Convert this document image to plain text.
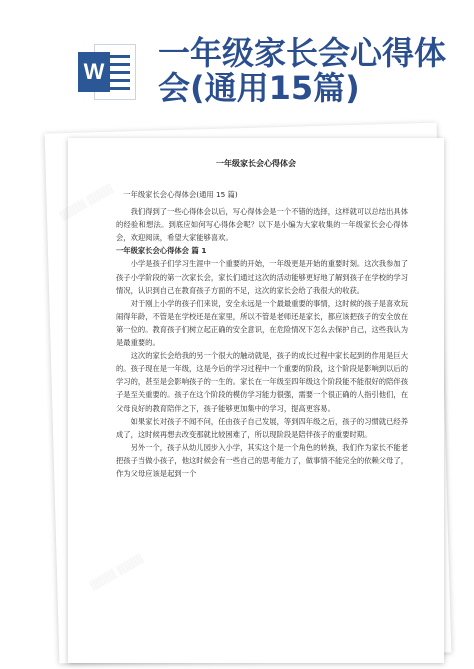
W 一年级家长会心得体会(通用15篇)
▒▒▒▒ ▒▒▒▒
▒▒▒▒ ▒▒▒▒
▒▒▒▒ ▒▒▒▒
一年级家长会心得体会

一年级家长会心得体会(通用 15 篇)

我们得到了一些心得体会以后，写心得体会是一个不错的选择，这样就可以总结出具体的经验和想法。到底应如何写心得体会呢？以下是小编为大家收集的一年级家长会心得体会，欢迎阅读，希望大家能够喜欢。

一年级家长会心得体会 篇 1

小学是孩子们学习生涯中一个重要的开始，一年级更是开始的重要时刻。这次我参加了孩子小学阶段的第一次家长会，家长们通过这次的活动能够更好地了解到孩子在学校的学习情况，认识到自己在教育孩子方面的不足，这次的家长会给了我很大的收获。

对于刚上小学的孩子们来说，安全永远是一个最最重要的事情，这时候的孩子是喜欢玩闹得年龄，不管是在学校还是在家里，所以不管是老师还是家长，都应该把孩子的安全放在第一位的。教育孩子们树立起正确的安全意识，在危险情况下怎么去保护自己，这些我认为是最重要的。

这次的家长会给我的另一个很大的触动就是，孩子的成长过程中家长起到的作用是巨大的。孩子现在是一年级，这是今后的学习过程中一个重要的阶段，这个阶段是影响到以后的学习的，甚至是会影响孩子的一生的。家长在一年级至四年级这个阶段能不能很好的陪伴孩子是至关重要的。孩子在这个阶段的模仿学习能力很强，需要一个很正确的人指引他们，在父母良好的教育陪伴之下，孩子能够更加集中的学习，提高更容易。

如果家长对孩子不闻不问，任由孩子自己发展，等到四年级之后，孩子的习惯就已经养成了，这时候再想去改变那就比较困难了，所以现阶段是陪伴孩子的重要时期。

另外一个，孩子从幼儿园步入小学，其实这个是一个角色的转换，我们作为家长不能老把孩子当做小孩子，他这时候会有一些自己的思考能力了，做事情不能完全的依赖父母了，作为父母应该是起到一个
